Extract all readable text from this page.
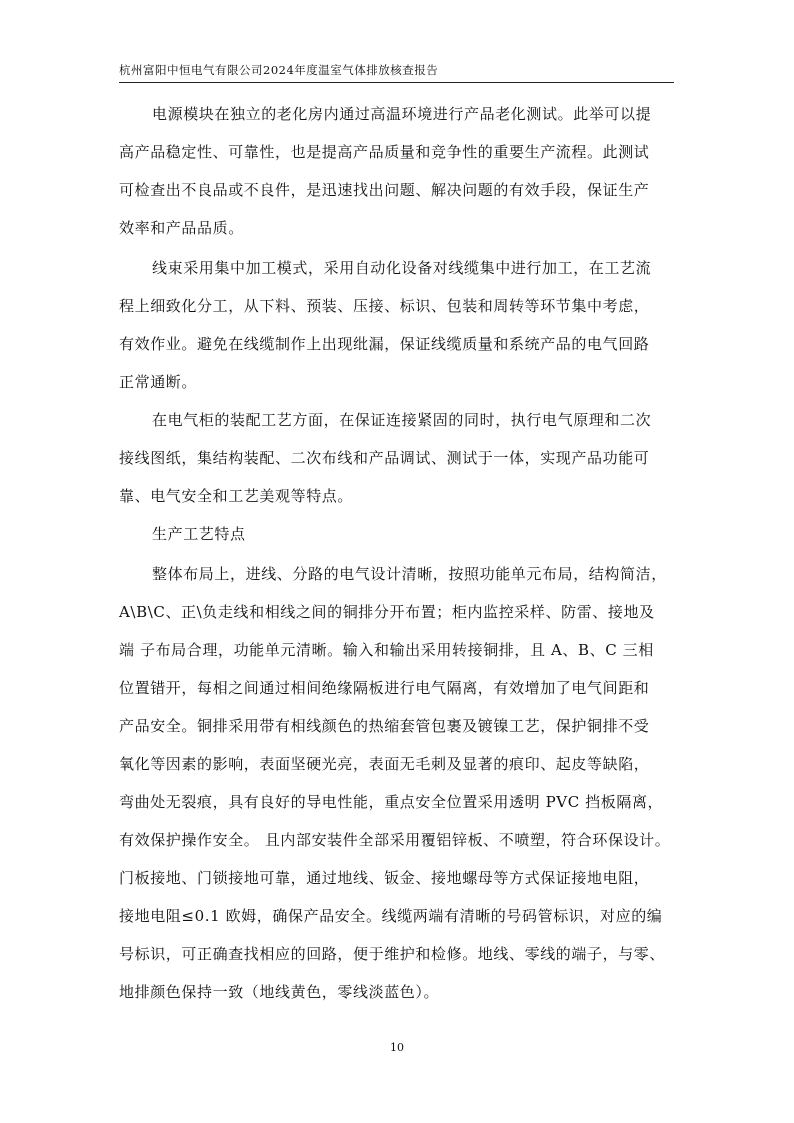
杭州富阳中恒电气有限公司2024年度温室气体排放核查报告
电源模块在独立的老化房内通过高温环境进行产品老化测试。此举可以提
高产品稳定性、可靠性，也是提高产品质量和竞争性的重要生产流程。此测试
可检查出不良品或不良件，是迅速找出问题、解决问题的有效手段，保证生产
效率和产品品质。
线束采用集中加工模式，采用自动化设备对线缆集中进行加工，在工艺流
程上细致化分工，从下料、预装、压接、标识、包装和周转等环节集中考虑，
有效作业。避免在线缆制作上出现纰漏，保证线缆质量和系统产品的电气回路
正常通断。
在电气柜的装配工艺方面，在保证连接紧固的同时，执行电气原理和二次
接线图纸，集结构装配、二次布线和产品调试、测试于一体，实现产品功能可
靠、电气安全和工艺美观等特点。
生产工艺特点
整体布局上，进线、分路的电气设计清晰，按照功能单元布局，结构简洁，
A\B\C、正\负走线和相线之间的铜排分开布置；柜内监控采样、防雷、接地及
端 子布局合理，功能单元清晰。输入和输出采用转接铜排，且 A、B、C 三相
位置错开，每相之间通过相间绝缘隔板进行电气隔离，有效增加了电气间距和
产品安全。铜排采用带有相线颜色的热缩套管包裹及镀镍工艺，保护铜排不受
氧化等因素的影响，表面坚硬光亮，表面无毛刺及显著的痕印、起皮等缺陷，
弯曲处无裂痕，具有良好的导电性能，重点安全位置采用透明 PVC 挡板隔离，
有效保护操作安全。 且内部安装件全部采用覆铝锌板、不喷塑，符合环保设计。
门板接地、门锁接地可靠，通过地线、钣金、接地螺母等方式保证接地电阻，
接地电阻≤0.1 欧姆，确保产品安全。线缆两端有清晰的号码管标识，对应的编
号标识，可正确查找相应的回路，便于维护和检修。地线、零线的端子，与零、
地排颜色保持一致（地线黄色，零线淡蓝色）。
10
